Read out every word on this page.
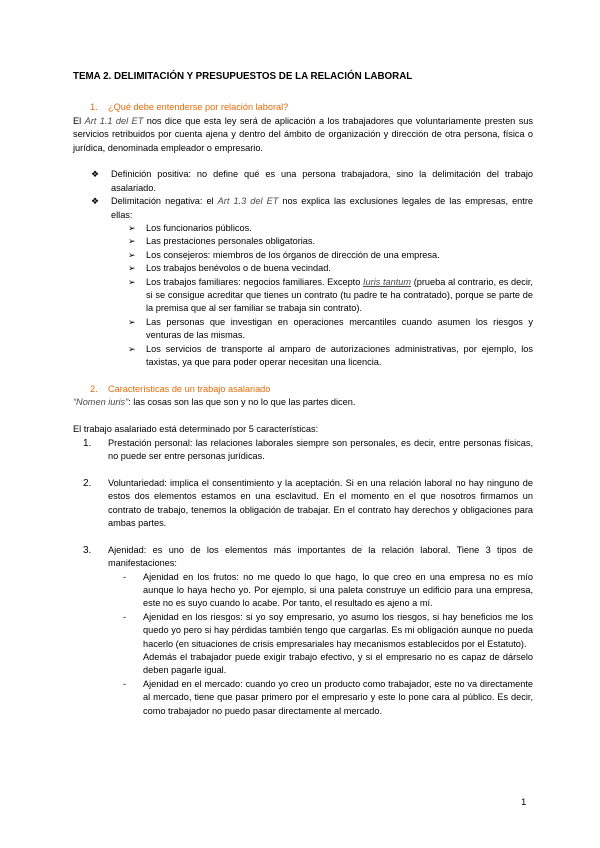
TEMA 2. DELIMITACIÓN Y PRESUPUESTOS DE LA RELACIÓN LABORAL

1. ¿Qué debe entenderse por relación laboral?

El Art 1.1 del ET nos dice que esta ley será de aplicación a los trabajadores que voluntariamente presten sus servicios retribuidos por cuenta ajena y dentro del ámbito de organización y dirección de otra persona, física o jurídica, denominada empleador o empresario.

❖	Definición positiva: no define qué es una persona trabajadora, sino la delimitación del trabajo asalariado.
❖	Delimitación negativa: el Art 1.3 del ET nos explica las exclusiones legales de las empresas, entre ellas:
➢	Los funcionarios públicos.
➢	Las prestaciones personales obligatorias.
➢	Los consejeros: miembros de los órganos de dirección de una empresa.
➢	Los trabajos benévolos o de buena vecindad.
➢	Los trabajos familiares: negocios familiares. Excepto Iuris tantum (prueba al contrario, es decir, si se consigue acreditar que tienes un contrato (tu padre te ha contratado), porque se parte de la premisa que al ser familiar se trabaja sin contrato).
➢	Las personas que investigan en operaciones mercantiles cuando asumen los riesgos y venturas de las mismas.
➢	Los servicios de transporte al amparo de autorizaciones administrativas, por ejemplo, los taxistas, ya que para poder operar necesitan una licencia.

2. Características de un trabajo asalariado

“Nomen iuris”: las cosas son las que son y no lo que las partes dicen.

El trabajo asalariado está determinado por 5 características:

1.	Prestación personal: las relaciones laborales siempre son personales, es decir, entre personas físicas, no puede ser entre personas jurídicas.
2.	Voluntariedad: implica el consentimiento y la aceptación. Si en una relación laboral no hay ninguno de estos dos elementos estamos en una esclavitud. En el momento en el que nosotros firmamos un contrato de trabajo, tenemos la obligación de trabajar. En el contrato hay derechos y obligaciones para ambas partes.
3.	Ajenidad: es uno de los elementos más importantes de la relación laboral. Tiene 3 tipos de manifestaciones:
-	Ajenidad en los frutos: no me quedo lo que hago, lo que creo en una empresa no es mío aunque lo haya hecho yo. Por ejemplo, si una paleta construye un edificio para una empresa, este no es suyo cuando lo acabe. Por tanto, el resultado es ajeno a mí.
-	Ajenidad en los riesgos: si yo soy empresario, yo asumo los riesgos, si hay beneficios me los quedo yo pero si hay pérdidas también tengo que cargarlas. Es mi obligación aunque no pueda hacerlo (en situaciones de crisis empresariales hay mecanismos establecidos por el Estatuto).

Además el trabajador puede exigir trabajo efectivo, y si el empresario no es capaz de dárselo deben pagarle igual.

-	Ajenidad en el mercado: cuando yo creo un producto como trabajador, este no va directamente al mercado, tiene que pasar primero por el empresario y este lo pone cara al público. Es decir, como trabajador no puedo pasar directamente al mercado.
1
